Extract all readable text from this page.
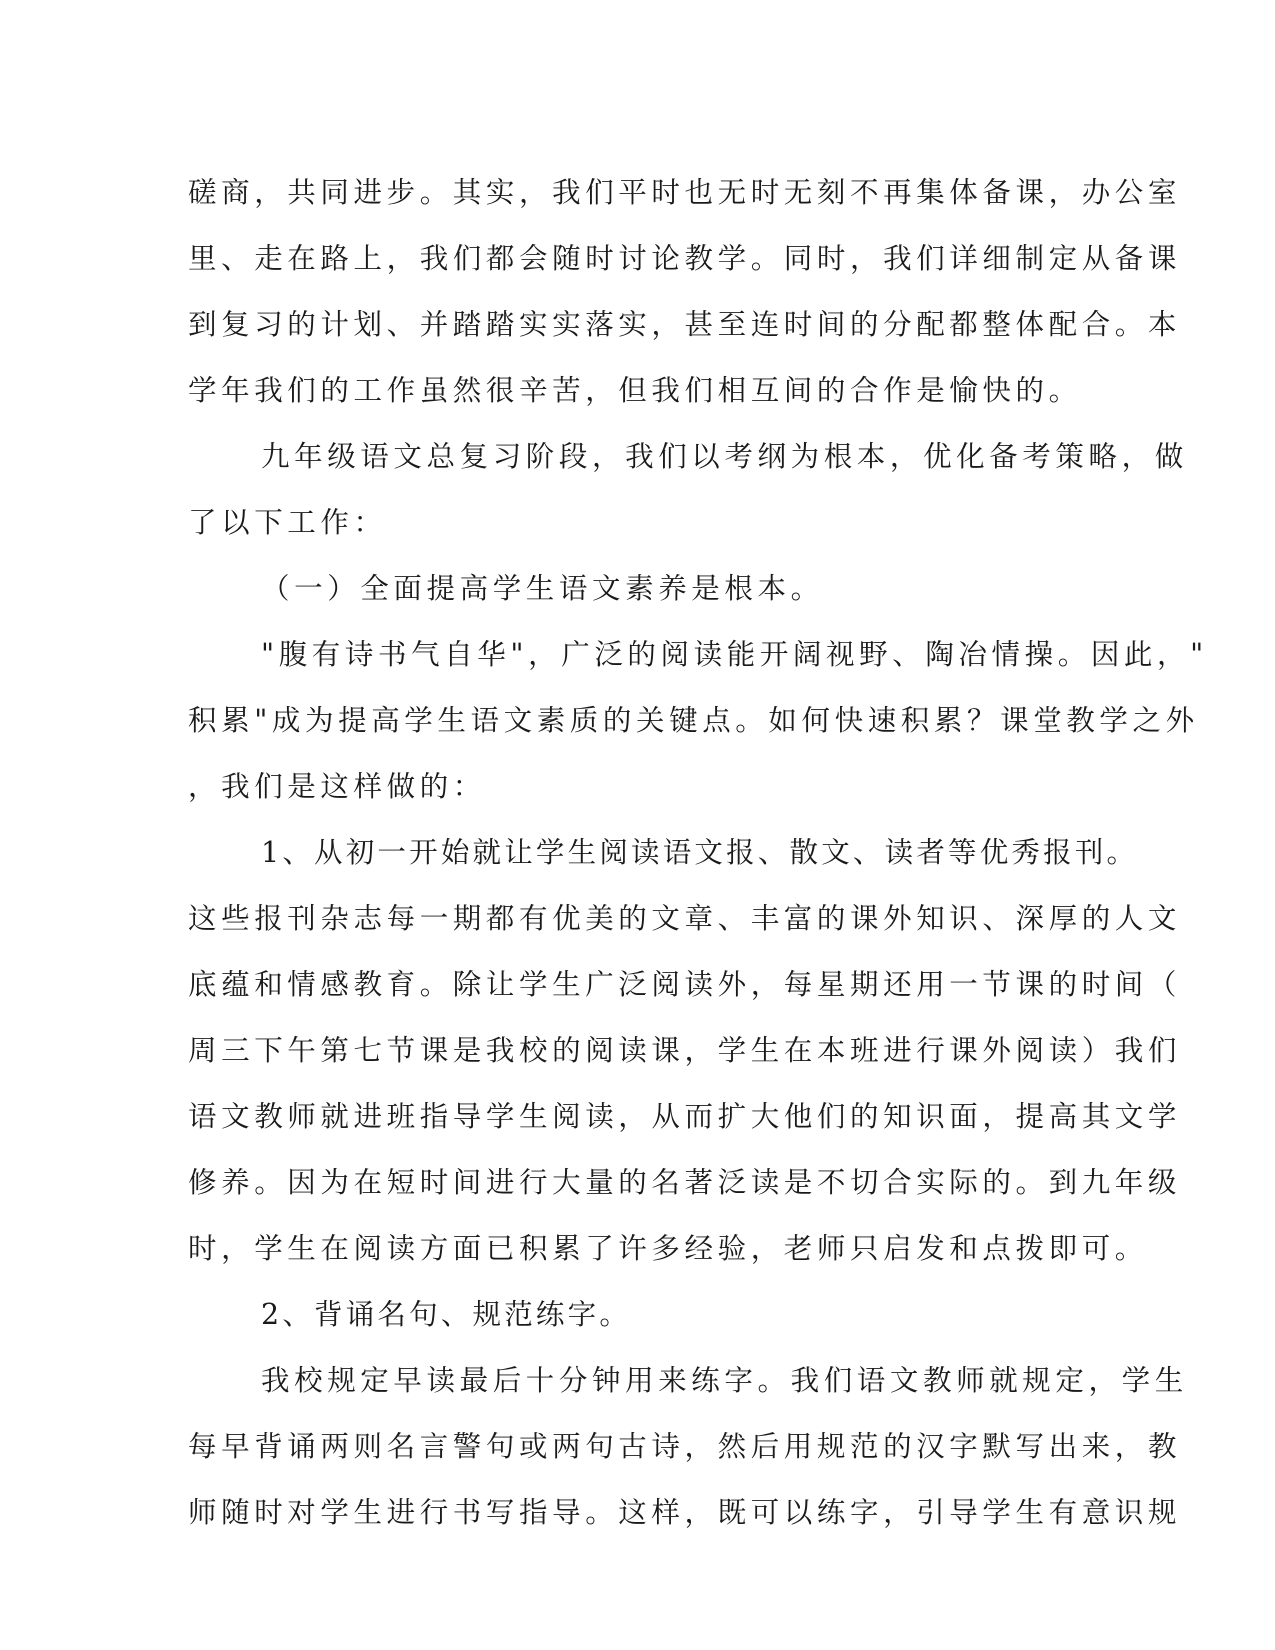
磋商，共同进步。其实，我们平时也无时无刻不再集体备课，办公室
里、走在路上，我们都会随时讨论教学。同时，我们详细制定从备课
到复习的计划、并踏踏实实落实，甚至连时间的分配都整体配合。本
学年我们的工作虽然很辛苦，但我们相互间的合作是愉快的。
九年级语文总复习阶段，我们以考纲为根本，优化备考策略，做
了以下工作：
（一）全面提高学生语文素养是根本。
"腹有诗书气自华"，广泛的阅读能开阔视野、陶冶情操。因此，"
积累"成为提高学生语文素质的关键点。如何快速积累？课堂教学之外
，我们是这样做的：
1、从初一开始就让学生阅读语文报、散文、读者等优秀报刊。
这些报刊杂志每一期都有优美的文章、丰富的课外知识、深厚的人文
底蕴和情感教育。除让学生广泛阅读外，每星期还用一节课的时间（
周三下午第七节课是我校的阅读课，学生在本班进行课外阅读）我们
语文教师就进班指导学生阅读，从而扩大他们的知识面，提高其文学
修养。因为在短时间进行大量的名著泛读是不切合实际的。到九年级
时，学生在阅读方面已积累了许多经验，老师只启发和点拨即可。
2、背诵名句、规范练字。
我校规定早读最后十分钟用来练字。我们语文教师就规定，学生
每早背诵两则名言警句或两句古诗，然后用规范的汉字默写出来，教
师随时对学生进行书写指导。这样，既可以练字，引导学生有意识规
